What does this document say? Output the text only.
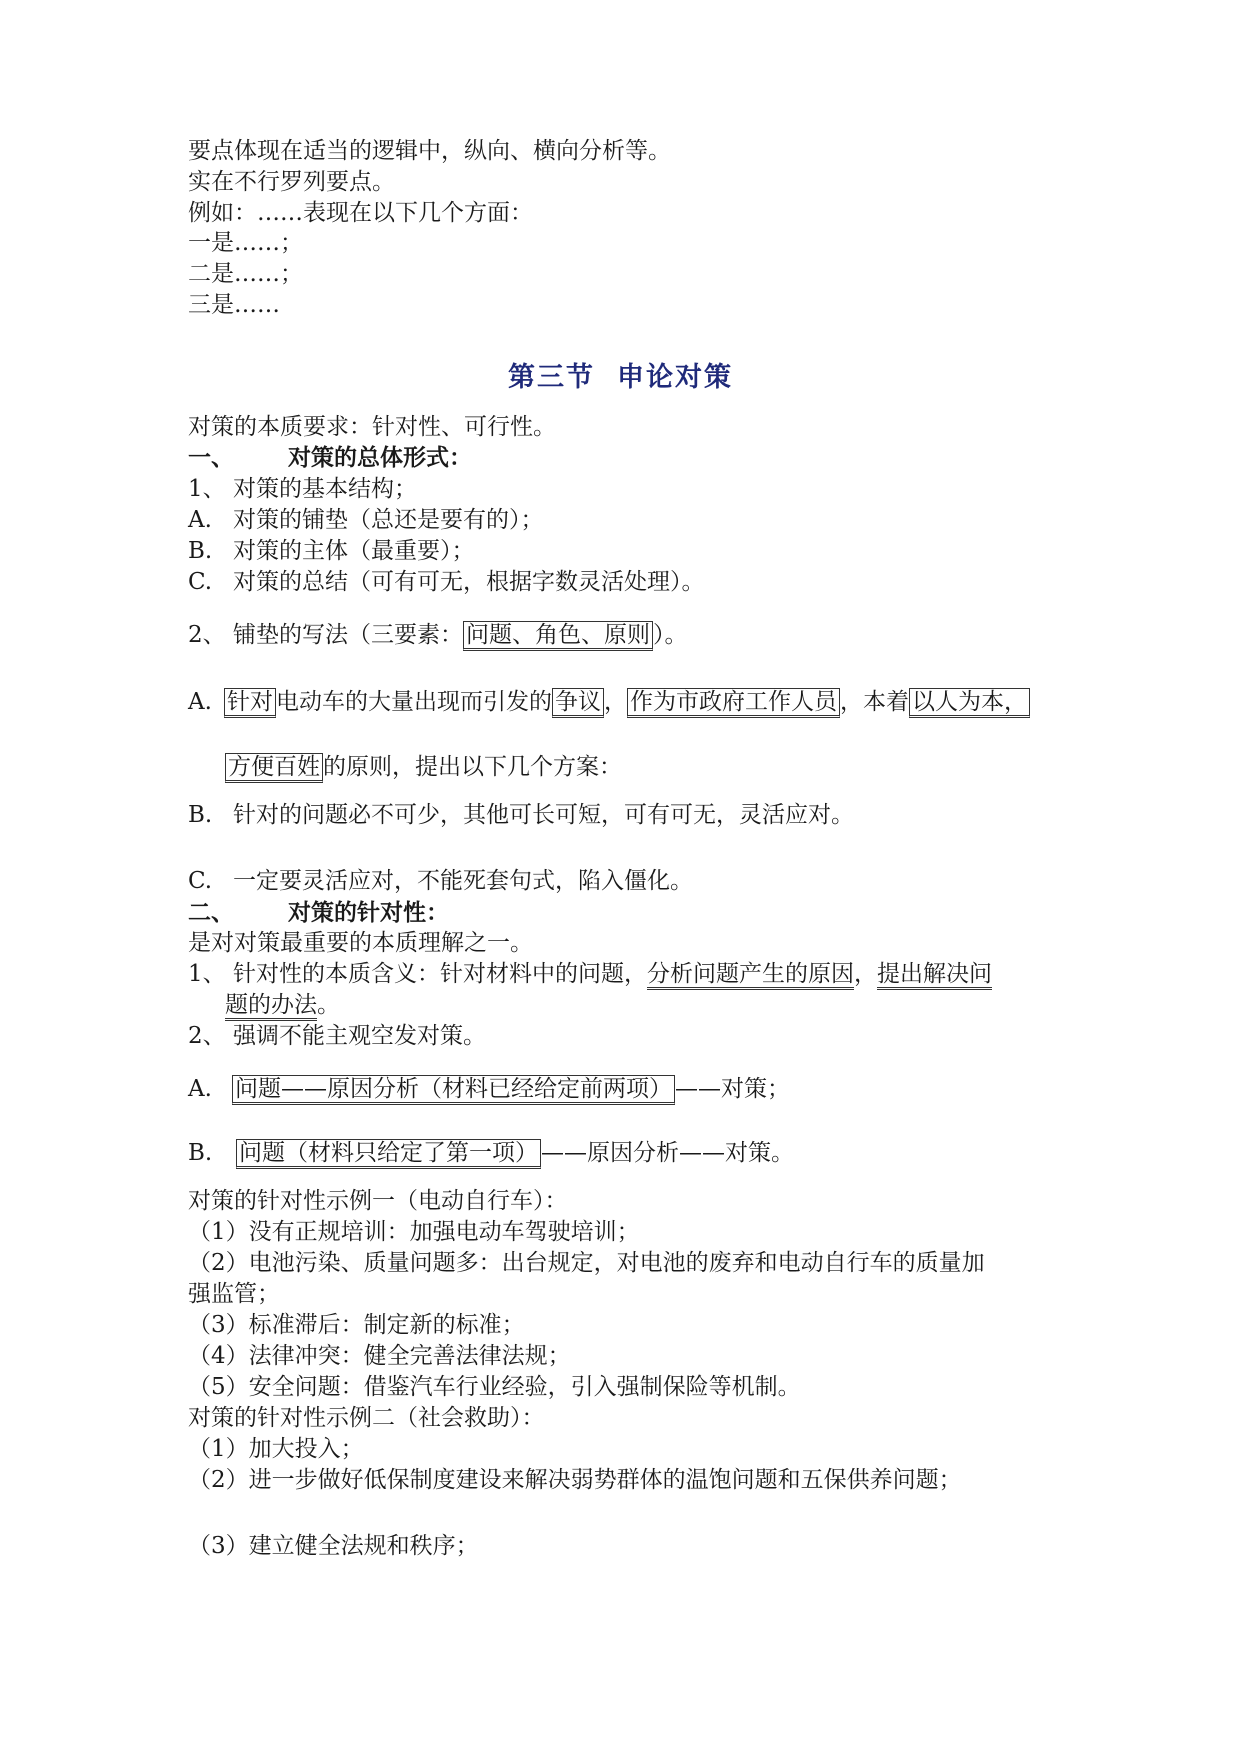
要点体现在适当的逻辑中，纵向、横向分析等。
实在不行罗列要点。
例如：……表现在以下几个方面：
一是……；
二是……；
三是……
第三节 申论对策
对策的本质要求：针对性、可行性。
一、 对策的总体形式：
1、 对策的基本结构；
A. 对策的铺垫（总还是要有的）；
B. 对策的主体（最重要）；
C. 对策的总结（可有可无，根据字数灵活处理）。
2、 铺垫的写法（三要素： 问题、角色、原则 ）。
A. 针对 电动车的大量出现而引发的 争议 ， 作为市政府工作人员 ，本着 以人为本，
方便百姓 的原则，提出以下几个方案：
B. 针对的问题必不可少，其他可长可短，可有可无，灵活应对。
C. 一定要灵活应对，不能死套句式，陷入僵化。
二、 对策的针对性：
是对对策最重要的本质理解之一。
1、 针对性的本质含义：针对材料中的问题，分析问题产生的原因，提出解决问
题的办法。
2、 强调不能主观空发对策。
A. 问题——原因分析（材料已经给定前两项） ——对策；
B. 问题（材料只给定了第一项） ——原因分析——对策。
对策的针对性示例一（电动自行车）：
（1）没有正规培训：加强电动车驾驶培训；
（2）电池污染、质量问题多：出台规定，对电池的废弃和电动自行车的质量加
强监管；
（3）标准滞后：制定新的标准；
（4）法律冲突：健全完善法律法规；
（5）安全问题：借鉴汽车行业经验，引入强制保险等机制。
对策的针对性示例二（社会救助）：
（1）加大投入；
（2）进一步做好低保制度建设来解决弱势群体的温饱问题和五保供养问题；
（3）建立健全法规和秩序；
